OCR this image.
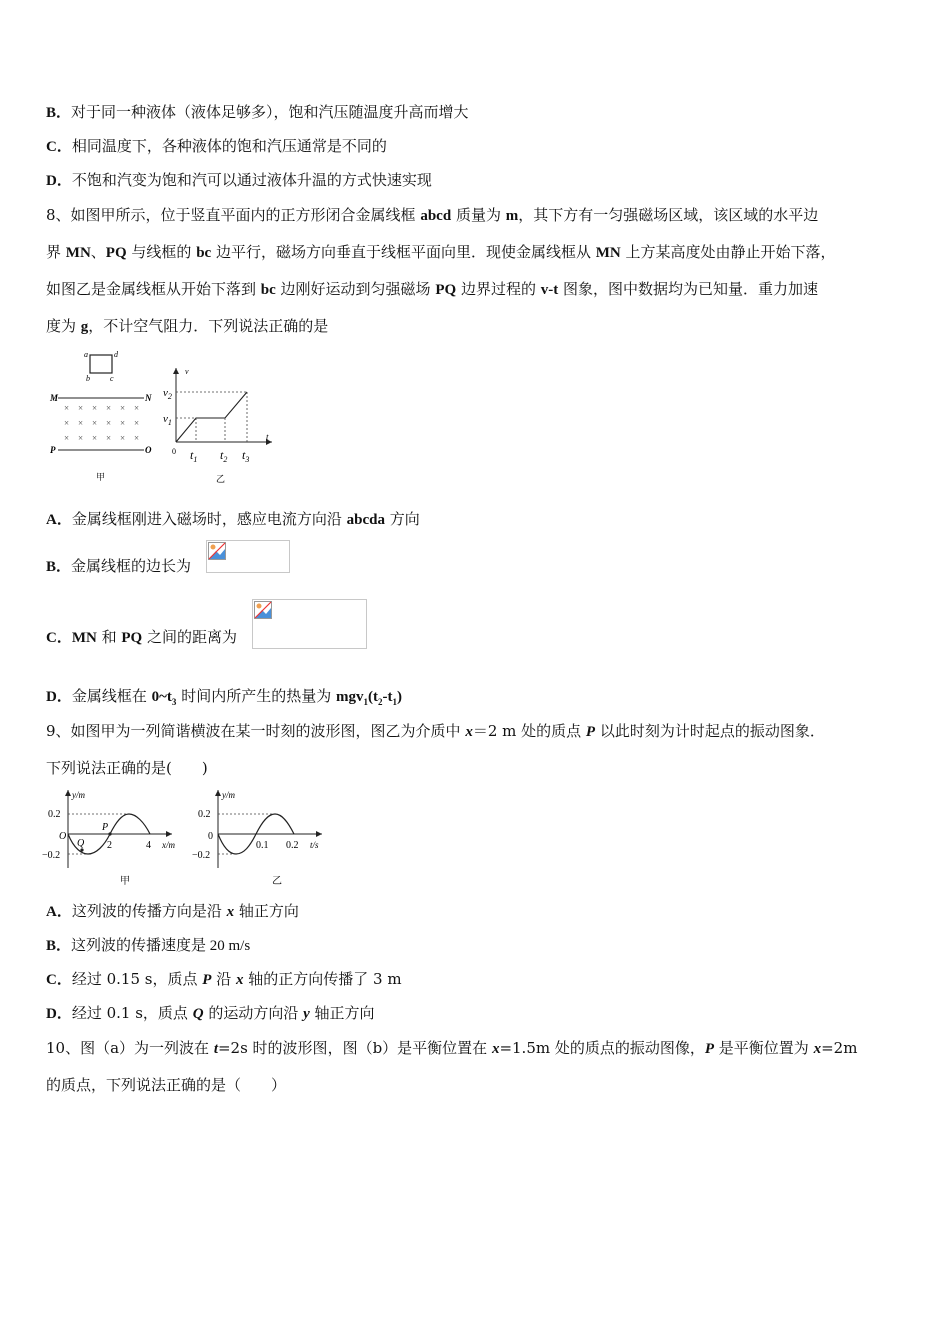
B．对于同一种液体（液体足够多），饱和汽压随温度升高而增大
C．相同温度下，各种液体的饱和汽压通常是不同的
D．不饱和汽变为饱和汽可以通过液体升温的方式快速实现
8、如图甲所示，位于竖直平面内的正方形闭合金属线框 abcd 质量为 m，其下方有一匀强磁场区域，该区域的水平边
界 MN、PQ 与线框的 bc 边平行，磁场方向垂直于线框平面向里．现使金属线框从 MN 上方某高度处由静止开始下落，
如图乙是金属线框从开始下落到 bc 边刚好运动到匀强磁场 PQ 边界过程的 v-t 图象，图中数据均为已知量．重力加速
度为 g，不计空气阻力．下列说法正确的是
a	d
b	c
M	N
P	O
× × × × × ×
× × × × × ×
× × × × × ×
甲
v
t
0
$v_1$
$v_2$
$t_1$ $t_2$ $t_3$
乙
A．金属线框刚进入磁场时，感应电流方向沿 abcda 方向
B．金属线框的边长为
C．MN 和 PQ 之间的距离为
D．金属线框在 $0\sim t_3$ 时间内所产生的热量为 $mgv_1(t_2-t_1)$
9、如图甲为一列简谐横波在某一时刻的波形图，图乙为介质中 x＝2 m 处的质点 P 以此时刻为计时起点的振动图象．
下列说法正确的是(　　)
y/m
x/m
0.2
−0.2
O
P
Q 2	4
甲
y/m
t/s
0.2
−0.2
0
0.1 0.2
乙
A．这列波的传播方向是沿 x 轴正方向
B．这列波的传播速度是 20 m/s
C．经过 0.15 s，质点 P 沿 x 轴的正方向传播了 3 m
D．经过 0.1 s，质点 Q 的运动方向沿 y 轴正方向
10、图（a）为一列波在 t=2s 时的波形图，图（b）是平衡位置在 x=1.5m 处的质点的振动图像，P 是平衡位置为 x=2m
的质点，下列说法正确的是（　　）
